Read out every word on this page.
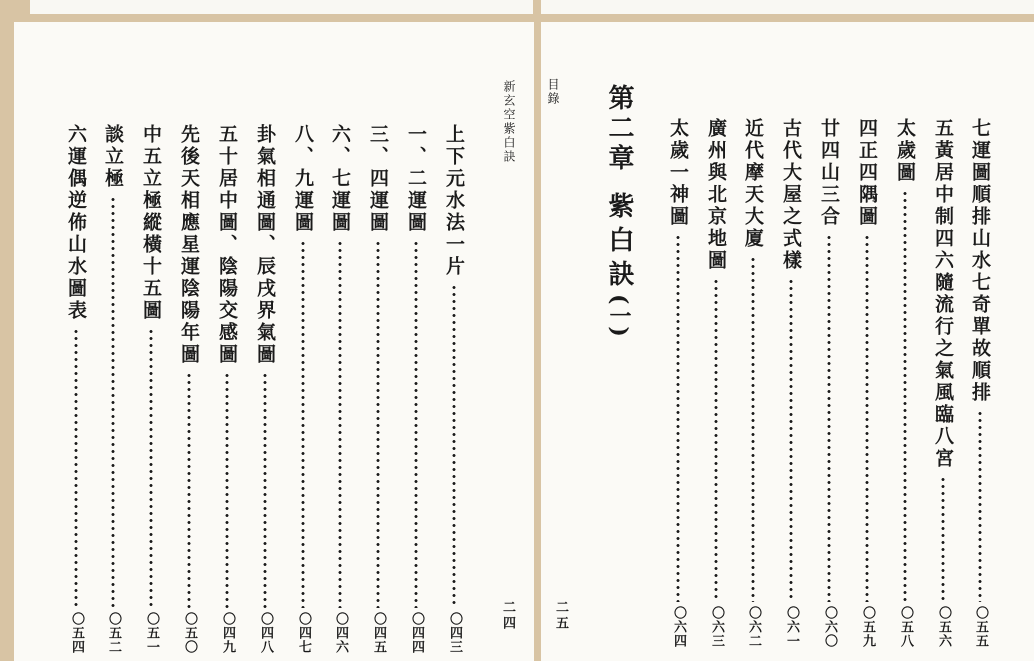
新玄空紫白訣
二四
上下元水法一片
〇四三
一、二運圖
〇四四
三、四運圖
〇四五
六、七運圖
〇四六
八、九運圖
〇四七
卦氣相通圖、辰戌界氣圖
〇四八
五十居中圖、陰陽交感圖
〇四九
先後天相應星運陰陽年圖
〇五〇
中五立極縱橫十五圖
〇五一
談立極
〇五二
六運偶逆佈山水圖表
〇五四
目錄
二五
第二章紫白訣(一)	七運圖順排山水七奇單故順排
〇五五
五黃居中制四六隨流行之氣風臨八宮
〇五六
太歲圖
〇五八
四正四隅圖
〇五九
廿四山三合
〇六〇
古代大屋之式樣
〇六一
近代摩天大廈
〇六二
廣州與北京地圖
〇六三
太歲一神圖
〇六四
